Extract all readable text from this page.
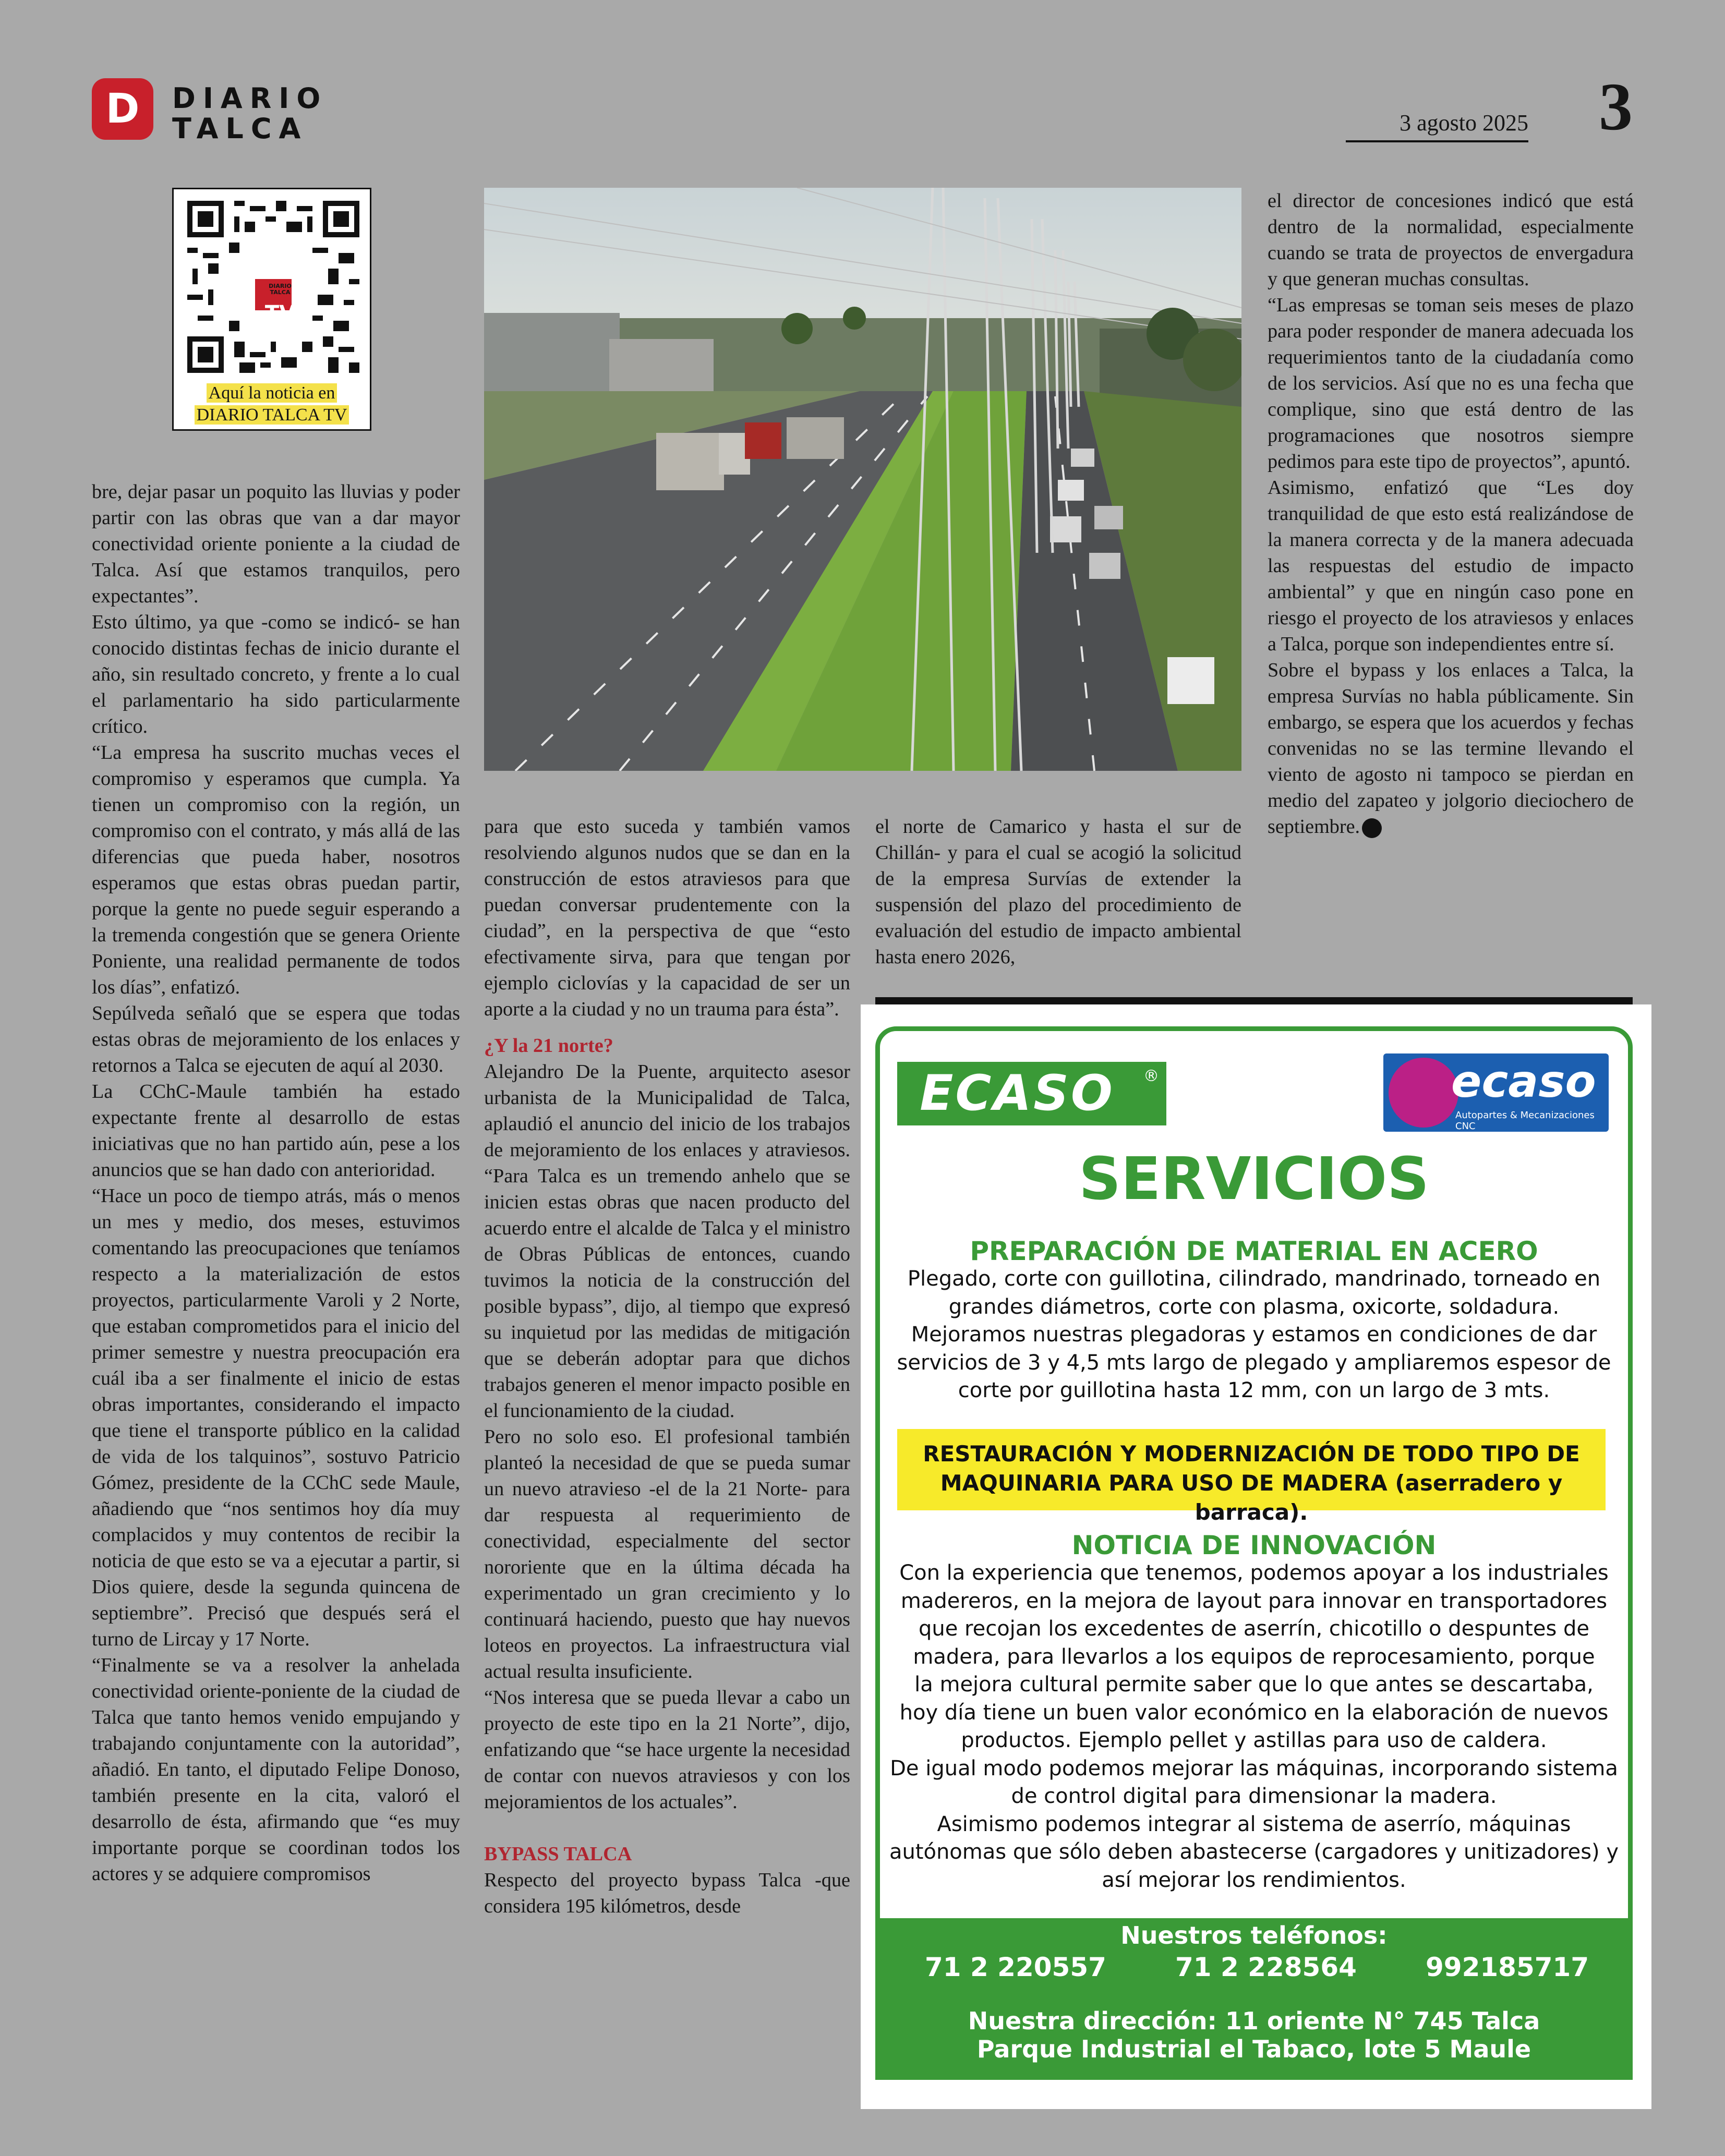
D	DIARIO
TALCA	3 agosto 2025 3
DIARIO TALCA
TV
Aquí la noticia en
DIARIO TALCA TV

bre, dejar pasar un poquito las lluvias y poder partir con las obras que van a dar mayor conectividad oriente poniente a la ciudad de Talca. Así que estamos tranquilos, pero expectantes”.

Esto último, ya que -como se indicó- se han conocido distintas fechas de inicio durante el año, sin resultado concreto, y frente a lo cual el parlamentario ha sido particularmente crítico.

“La empresa ha suscrito muchas veces el compromiso y esperamos que cumpla. Ya tienen un compromiso con la región, un compromiso con el contrato, y más allá de las diferencias que pueda haber, nosotros esperamos que estas obras puedan partir, porque la gente no puede seguir esperando a la tremenda congestión que se genera Oriente Poniente, una realidad permanente de todos los días”, enfatizó.

Sepúlveda señaló que se espera que todas estas obras de mejoramiento de los enlaces y retornos a Talca se ejecuten de aquí al 2030.

La CChC-Maule también ha estado expectante frente al desarrollo de estas iniciativas que no han partido aún, pese a los anuncios que se han dado con anterioridad.

“Hace un poco de tiempo atrás, más o menos un mes y medio, dos meses, estuvimos comentando las preocupaciones que teníamos respecto a la materialización de estos proyectos, particularmente Varoli y 2 Norte, que estaban comprometidos para el inicio del primer semestre y nuestra preocupación era cuál iba a ser finalmente el inicio de estas obras importantes, considerando el impacto que tiene el transporte público en la calidad de vida de los talquinos”, sostuvo Patricio Gómez, presidente de la CChC sede Maule, añadiendo que “nos sentimos hoy día muy complacidos y muy contentos de recibir la noticia de que esto se va a ejecutar a partir, si Dios quiere, desde la segunda quincena de septiembre”. Precisó que después será el turno de Lircay y 17 Norte.

“Finalmente se va a resolver la anhelada conectividad oriente-poniente de la ciudad de Talca que tanto hemos venido empujando y trabajando conjuntamente con la autoridad”, añadió. En tanto, el diputado Felipe Donoso, también presente en la cita, valoró el desarrollo de ésta, afirmando que “es muy importante porque se coordinan todos los actores y se adquiere compromisos

para que esto suceda y también vamos resolviendo algunos nudos que se dan en la construcción de estos atraviesos para que puedan conversar prudentemente con la ciudad”, en la perspectiva de que “esto efectivamente sirva, para que tengan por ejemplo ciclovías y la capacidad de ser un aporte a la ciudad y no un trauma para ésta”.

¿Y la 21 norte?

Alejandro De la Puente, arquitecto asesor urbanista de la Municipalidad de Talca, aplaudió el anuncio del inicio de los trabajos de mejoramiento de los enlaces y atraviesos. “Para Talca es un tremendo anhelo que se inicien estas obras que nacen producto del acuerdo entre el alcalde de Talca y el ministro de Obras Públicas de entonces, cuando tuvimos la noticia de la construcción del posible bypass”, dijo, al tiempo que expresó su inquietud por las medidas de mitigación que se deberán adoptar para que dichos trabajos generen el menor impacto posible en el funcionamiento de la ciudad.

Pero no solo eso. El profesional también planteó la necesidad de que se pueda sumar un nuevo atravieso -el de la 21 Norte- para dar respuesta al requerimiento de conectividad, especialmente del sector nororiente que en la última década ha experimentado un gran crecimiento y lo continuará haciendo, puesto que hay nuevos loteos en proyectos. La infraestructura vial actual resulta insuficiente.

“Nos interesa que se pueda llevar a cabo un proyecto de este tipo en la 21 Norte”, dijo, enfatizando que “se hace urgente la necesidad de contar con nuevos atraviesos y con los mejoramientos de los actuales”.

BYPASS TALCA

Respecto del proyecto bypass Talca -que considera 195 kilómetros, desde

el norte de Camarico y hasta el sur de Chillán- y para el cual se acogió la solicitud de la empresa Survías de extender la suspensión del plazo del procedimiento de evaluación del estudio de impacto ambiental hasta enero 2026,

el director de concesiones indicó que está dentro de la normalidad, especialmente cuando se trata de proyectos de envergadura y que generan muchas consultas.

“Las empresas se toman seis meses de plazo para poder responder de manera adecuada los requerimientos tanto de la ciudadanía como de los servicios. Así que no es una fecha que complique, sino que está dentro de las programaciones que nosotros siempre pedimos para este tipo de proyectos”, apuntó.

Asimismo, enfatizó que “Les doy tranquilidad de que esto está realizándose de la manera correcta y de la manera adecuada las respuestas del estudio de impacto ambiental” y que en ningún caso pone en riesgo el proyecto de los atraviesos y enlaces a Talca, porque son independientes entre sí.

Sobre el bypass y los enlaces a Talca, la empresa Survías no habla públicamente. Sin embargo, se espera que los acuerdos y fechas convenidas no se las termine llevando el viento de agosto ni tampoco se pierdan en medio del zapateo y jolgorio dieciochero de septiembre.

ECASO	®	ecaso
Autopartes & Mecanizaciones CNC
SERVICIOS
PREPARACIÓN DE MATERIAL EN ACERO
Plegado, corte con guillotina, cilindrado, mandrinado, torneado en
grandes diámetros, corte con plasma, oxicorte, soldadura.
Mejoramos nuestras plegadoras y estamos en condiciones de dar
servicios de 3 y 4,5 mts largo de plegado y ampliaremos espesor de
corte por guillotina hasta 12 mm, con un largo de 3 mts.
RESTAURACIÓN Y MODERNIZACIÓN DE TODO TIPO DE
MAQUINARIA PARA USO DE MADERA (aserradero y barraca).
NOTICIA DE INNOVACIÓN
Con la experiencia que tenemos, podemos apoyar a los industriales
madereros, en la mejora de layout para innovar en transportadores
que recojan los excedentes de aserrín, chicotillo o despuntes de
madera, para llevarlos a los equipos de reprocesamiento, porque
la mejora cultural permite saber que lo que antes se descartaba,
hoy día tiene un buen valor económico en la elaboración de nuevos
productos. Ejemplo pellet y astillas para uso de caldera.
De igual modo podemos mejorar las máquinas, incorporando sistema
de control digital para dimensionar la madera.
Asimismo podemos integrar al sistema de aserrío, máquinas
autónomas que sólo deben abastecerse (cargadores y unitizadores) y
así mejorar los rendimientos.
Nuestros teléfonos:
71 2 220557	71 2 228564	992185717
Nuestra dirección: 11 oriente N° 745 Talca
Parque Industrial el Tabaco, lote 5 Maule
